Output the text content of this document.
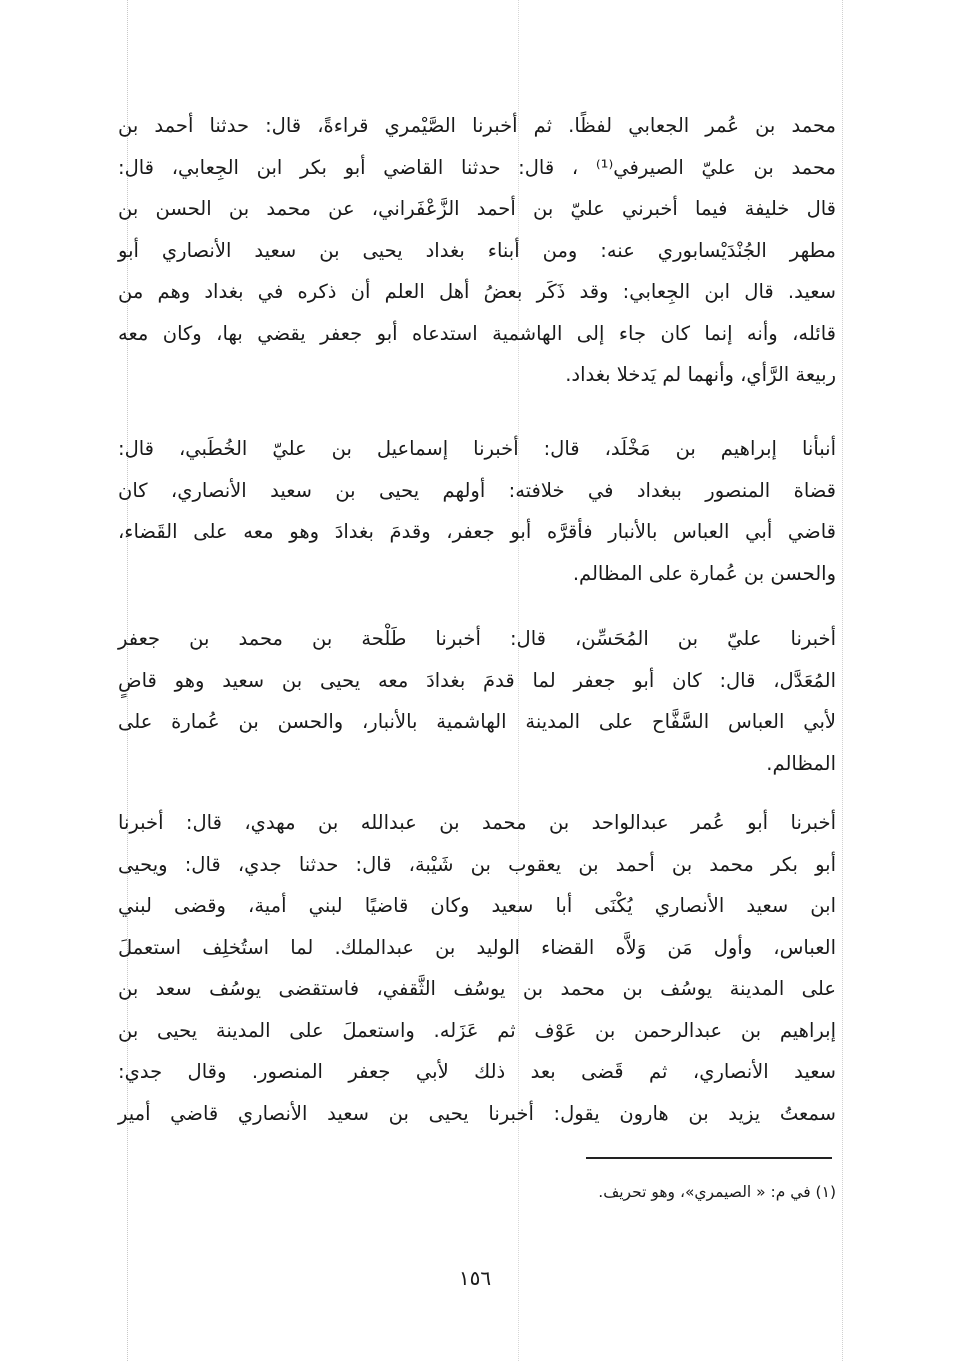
محمد بن عُمر الجعابي لفظًا. ثم أخبرنا الصَّيْمري قراءةً، قال: حدثنا أحمد بن
محمد بن عليّ الصيرفي⁽¹⁾ ، قال: حدثنا القاضي أبو بكر ابن الجِعابي، قال:
قال خليفة فيما أخبرني عليّ بن أحمد الزَّعْفَراني، عن محمد بن الحسن بن
مطهر الجُنْدَيْسابوري عنه: ومن أبناء بغداد يحيى بن سعيد الأنصاري أبو
سعيد. قال ابن الجِعابي: وقد ذَكَر بعضُ أهل العلم أن ذكره في بغداد وهم من
قائله، وأنه إنما كان جاء إلى الهاشمية استدعاه أبو جعفر يقضي بها، وكان معه
ربيعة الرَّأي، وأنهما لم يَدخلا بغداد.
أنبأنا إبراهيم بن مَخْلَد، قال: أخبرنا إسماعيل بن عليّ الخُطَبي، قال:
قضاة المنصور ببغداد في خلافته: أولهم يحيى بن سعيد الأنصاري، كان
قاضي أبي العباس بالأنبار فأقرَّه أبو جعفر، وقدمَ بغدادَ وهو معه على القَضاء،
والحسن بن عُمارة على المظالم.
أخبرنا عليّ بن المُحَسِّن، قال: أخبرنا طَلْحة بن محمد بن جعفر
المُعَدَّل، قال: كان أبو جعفر لما قدمَ بغدادَ معه يحيى بن سعيد وهو قاضٍ
لأبي العباس السَّفَّاح على المدينة الهاشمية بالأنبار، والحسن بن عُمارة على
المظالم.
أخبرنا أبو عُمر عبدالواحد بن محمد بن عبدالله بن مهدي، قال: أخبرنا
أبو بكر محمد بن أحمد بن يعقوب بن شَيْبة، قال: حدثنا جدي، قال: ويحيى
ابن سعيد الأنصاري يُكْنَى أبا سعيد وكان قاضيًا لبني أمية، وقضى لبني
العباس، وأول مَن وَلاَّه القضاء الوليد بن عبدالملك. لما استُخلِف استعملَ
على المدينة يوسُف بن محمد بن يوسُف الثَّقفي، فاستقضى يوسُف سعد بن
إبراهيم بن عبدالرحمن بن عَوْف ثم عَزَله. واستعملَ على المدينة يحيى بن
سعيد الأنصاري، ثم قَضى بعد ذلك لأبي جعفر المنصور. وقال جدي:
سمعتُ يزيد بن هارون يقول: أخبرنا يحيى بن سعيد الأنصاري قاضي أمير
(١) في م: « الصيمري»، وهو تحريف.
١٥٦
